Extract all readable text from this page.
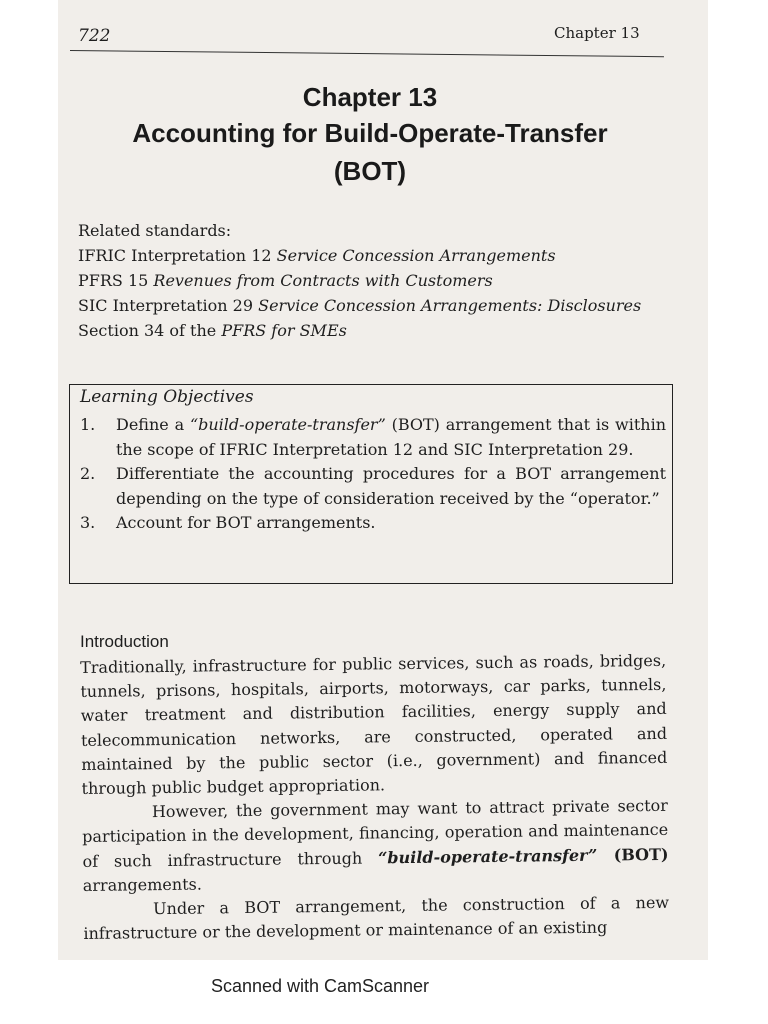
722	Chapter 13
Chapter 13
Accounting for Build-Operate-Transfer
(BOT)
Related standards:
IFRIC Interpretation 12 Service Concession Arrangements
PFRS 15 Revenues from Contracts with Customers
SIC Interpretation 29 Service Concession Arrangements: Disclosures
Section 34 of the PFRS for SMEs
Learning Objectives
1.	Define a “build-operate-transfer” (BOT) arrangement that is within the scope of IFRIC Interpretation 12 and SIC Interpretation 29.
2.	Differentiate the accounting procedures for a BOT arrangement depending on the type of consideration received by the “operator.”
3.	Account for BOT arrangements.
Introduction

Traditionally, infrastructure for public services, such as roads, bridges, tunnels, prisons, hospitals, airports, motorways, car parks, tunnels, water treatment and distribution facilities, energy supply and telecommunication networks, are constructed, operated and maintained by the public sector (i.e., government) and financed through public budget appropriation.

However, the government may want to attract private sector participation in the development, financing, operation and maintenance of such infrastructure through “build-operate-transfer” (BOT) arrangements.

Under a BOT arrangement, the construction of a new infrastructure or the development or maintenance of an existing

Scanned with CamScanner
